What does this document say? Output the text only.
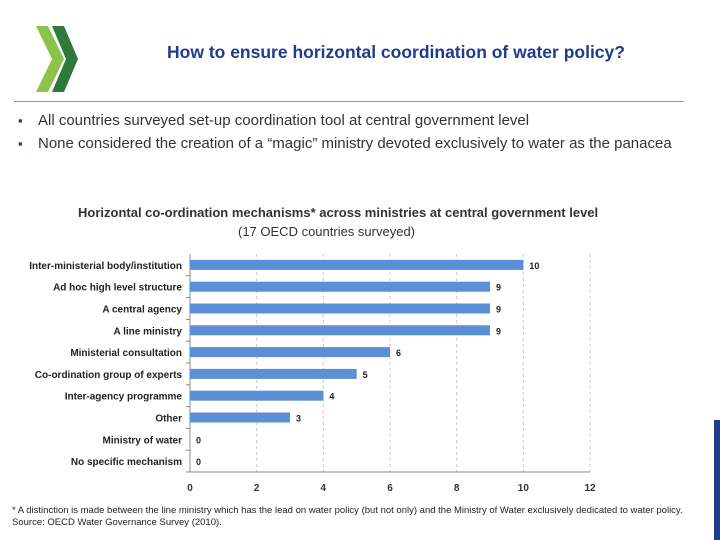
How to ensure horizontal coordination of water policy?
▪ All countries surveyed set-up coordination tool at central government level
▪ None considered the creation of a “magic” ministry devoted exclusively to water as the panacea
Horizontal co-ordination mechanisms* across ministries at central government level
(17 OECD countries surveyed)
0	2	4	6	8	10	12
Inter-ministerial body/institution	10
Ad hoc high level structure	9
A central agency	9
A line ministry	9
Ministerial consultation	6
Co-ordination group of experts	5
Inter-agency programme	4
Other	3
Ministry of water 0
No specific mechanism 0
* A distinction is made between the line ministry which has the lead on water policy (but not only) and the Ministry of Water exclusively dedicated to water policy.
Source: OECD Water Governance Survey (2010).
